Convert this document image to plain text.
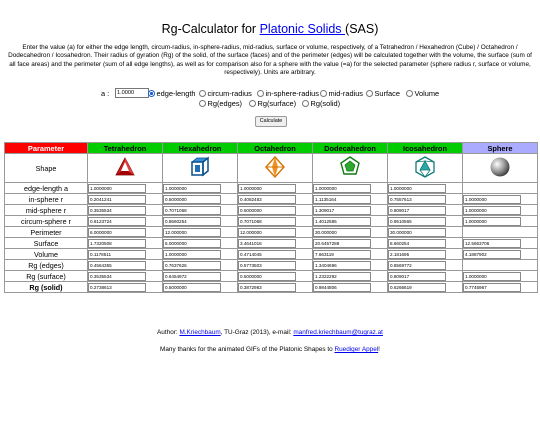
Rg-Calculator for Platonic Solids (SAS)
Enter the value (a) for either the edge length, circum-radius, in-sphere-radius, mid-radius, surface or volume, respectively, of a Tetrahedron / Hexahedron (Cube) / Octahedron / Dodecahedron / Icosahedron. Their radius of gyration (Rg) of the solid, of the surface (faces) and of the perimeter (edges) will be calculated together with the volume, the surface (sum of all face areas) and the perimeter (sum of all edge lengths), as well as for comparison also for a sphere with the value (=a) for the selected parameter (sphere radius r, surface or volume, respectively). Units are arbitrary.
a :
1.0000	edge-length circum-radius in-sphere-radius mid-radius Surface Volume
Rg(edges) Rg(surface) Rg(solid)
Calculate
Parameter	Tetrahedron	Hexahedron	Octahedron	Dodecahedron	Icosahedron	Sphere
Shape						
edge-length a	1.0000000	1.0000000	1.0000000	1.0000000	1.0000000	

in-sphere r	0.2041241	0.5000000	0.4082483	1.1135164	0.7557613	1.0000000

mid-sphere r	0.3535534	0.7071068	0.5000000	1.309017	0.809017	1.0000000

circum-sphere r	0.6123724	0.8660254	0.7071068	1.4012585	0.9510565	1.0000000

Perimeter	6.0000000	12.000000	12.000000	30.000000	30.000000	

Surface	1.7320508	6.0000000	3.4641016	20.6457288	8.660254	12.5663706

Volume	0.1178511	1.0000000	0.4714045	7.663119	2.181695	4.1887902

Rg (edges)	0.4564355	0.7637626	0.5773503	1.3404696	0.8569772	

Rg (surface)	0.3535534	0.6454972	0.5000000	1.2322292	0.809017	1.0000000

Rg (solid)	0.2738613	0.5000000	0.3872983	0.9844806	0.6266619	0.7745967
Author: M.Kriechbaum, TU-Graz (2013), e-mail: manfred.kriechbaum@tugraz.at
Many thanks for the animated GIFs of the Platonic Shapes to Ruediger Appel!
